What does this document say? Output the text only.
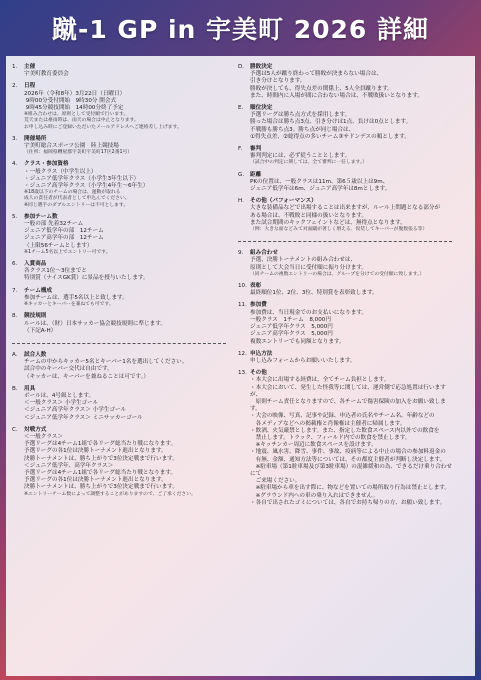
蹴-1 GP in 宇美町 2026 詳細
1.	主催
宇美町教育委員会
2.	日程
2026年（令和8年）3月22日（日曜日）
9時00分受付開始　9時30分 開会式
9時45分競技開始　14時00分終了予定
※組み合わせは、原則として受付順で行います。
荒天または豪雨時は、雨天の場合は中止となります。
お申し込み時にご登録いただいたメールアドレスへご連絡差し上げます。
3.	開催場所
宇美町総合スポーツ公園　陸上競技場
（住所：福岡県糟屋郡宇美町宇美町17区2番1号）
4.	クラス・参加資格
・一般クラス（中学生以上）
・ジュニア低学年クラス（小学生3年生以下）
・ジュニア高学年クラス（小学生4年生〜6年生）
※18歳以下のチームの場合は、運動が取れる
成人の責任者が代表者として申込んでください。
※同じ選手のダブルエントリーは不可とします。
5.	参加チーム数
一般の部 先着32チーム
ジュニア低学年の部　12チーム
ジュニア高学年の部　12チーム
（上限56チームとします）
※1チーム5名以上でエントリー可です。
6.	入賞商品
各クラス1位〜3位までと
特別賞（ナイスGK賞）に景品を授与いたします。
7.	チーム構成
参加チームは、選手5名以上と致します。
※キッカーとキーパーを兼ねても可です。
8.	競技規則
ルールは、（財）日本サッカー協会競技規則に準じます。
（下記A-H）
A.	試合人数
チームの中からキッカー5名とキーパー1名を選出してください。
試合中のキーパー交代は自由です。
（キッカーは、キーパーを兼ねることは可です。）
B.	用具
ボールは、4号級とします。
＜一般クラス＞ 小学生ゴール
＜ジュニア高学年クラス＞ 小学生ゴール
＜ジュニア低学年クラス＞ ミニサッカーゴール
C.	対戦方式
＜一般クラス＞
予選リーグは4チーム1組で各リーグ総当たり戦になります。
予選リーグの各1位は決勝トーナメント進出となります。
決勝トーナメントは、勝ち上がりで3位決定戦まで行います。
＜ジュニア低学年、高学年クラス＞
予選リーグは4チーム1組で各リーグ総当たり戦となります。
予選リーグの各1位は決勝トーナメント進出となります。
決勝トーナメントは、勝ち上がりで3位決定戦まで行います。
※エントリーチーム数によって調整することがありますので、ご了承ください。
D.	勝敗決定
予選は5人が蹴り終わって勝敗が決まらない場合は、
引き分けとなります。
勝敗が決しても、得失点差の関係上、5人全員蹴ります。
また、時間内に入場が間に合わない場合は、不戦敗扱いとなります。
E.	順位決定
予選リーグは勝ち点方式を採用します。
勝った場合は勝ち点3点、引き分けは1点、負けは0点とします。
不戦勝も勝ち点3。勝ち点が同じ場合は、
①得失点差、②総得点の多いチーム③サドンデスの順とします。
F.	審判
審判判定には、必ず従うこととします。
（試合中の判定に関しては、全て審判に一任します。）
G.	距離
PKの位置は、一般クラスは11m、第6５歳以上は9m、
ジュニア低学年は6m、ジュニア高学年は8mとします。
H.	その他（パフォーマンス）
大きな装備品などで出場することは出来ますが、ルール上問題となる部分が
ある場合は、不戦敗と同様の扱いとなります。
また試合期間のキックフェイントなどは、無得点となります。
（例：大きな面などみて対面蹴が著しく増える、仮装してキーパーが腹数張る等）
9.	組み合わせ
予選、決勝トーナメントの組み合わせは、
原則として大会当日に受付順に振り分けます。
（同チームの複数エントリーの場合は、グループを分けての受付順に致します。）
10. 表彰
最終順位1位、2位、3位、特別賞を表彰致します。
11. 参加費
参加費は、当日現金でのお支払いになります。
一般クラス　1チーム　8,000円
ジュニア低学年クラス　5,000円
ジュニア高学年クラス　5,000円
複数エントリーでも同額となります。
12. 申込方法
申し込みフォームからお願いいたします。
13. その他
・本大会に出場する経費は、全てチーム負担とします。
・本大会において、発生した怪我等に関しては、運営側で応急処置は行いますが、
　原則チーム責任となりますので、各チームで傷害保険の加入をお願い致します。
・大会の映像、写真、記事や記録、申込者の氏名やチーム名、年齢などの
　各メディアなどへの掲載権と肖像権は主催者に帰属します。
・飲酒、火気厳禁とします。また、指定した飲食スペース内以外での飲食を
　禁止します。トラック、フィールド内での飲食を禁止します。
　※キッチンカー周辺に飲食スペースを設けます。
・地震、風水害、降雪、事件、事故、疫病等による中止の場合の参加料返金の
　有無、金額、通知方法等については、その都度主催者が判断し決定します。
　※駐車場（第1駐車場及び第3駐車場）の混雑緩和の為、できるだけ乗り合わせにて
　ご来場ください。
　※駐車場から車を出す際に、物などを置いての場所取り行為は禁止とします。
　※グラウンド内への車の乗り入れはできません。
・各自で出されたゴミについては、各自でお持ち帰りの方、お願い致します。
